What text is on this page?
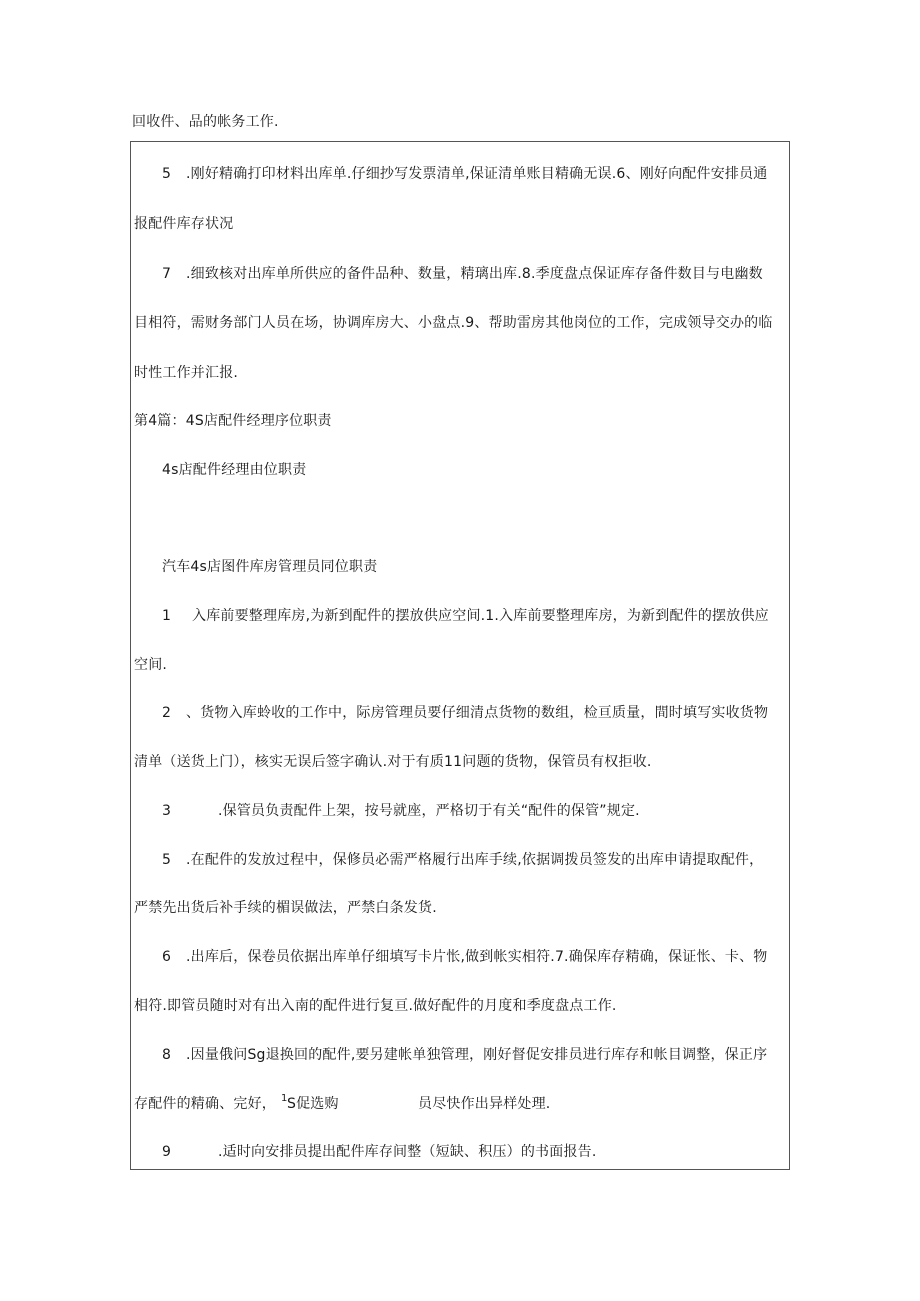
回收件、品的帐务工作.
5 .刚好精确打印材料出库单.仔细抄写发票清单,保证清单账目精确无误.6、刚好向配件安排员通
报配件库存状况
7 .细致核对出库单所供应的备件品种、数量，精璃出库.8.季度盘点保证库存备件数目与电幽数
目相符，需财务部门人员在场，协调库房大、小盘点.9、帮助雷房其他岗位的工作，完成领导交办的临
时性工作并汇报.
第4篇：4S店配件经理序位职责
4s店配件经理由位职责
汽车4s店图件库房管理员同位职责
1 入库前要整理库房,为新到配件的摆放供应空间.1.入库前要整理库房，为新到配件的摆放供应
空间.
2 、货物入库蛉收的工作中，际房管理员要仔细清点货物的数组，检亘质量，間时填写实收货物
清单（送货上门），核实无误后签字确认.对于有质11问题的货物，保管员有权拒收.
3	.保管员负责配件上架，按号就座，严格切于有关“配件的保管”规定.
5 .在配件的发放过程中，保修员必需严格履行出库手续,依据调拨员签发的出库申请提取配件，
严禁先出货后补手续的楣误做法，严禁白条发货.
6 .出库后，保卷员依据出库单仔细填写卡片怅,做到帐实相符.7.确保库存精确，保证怅、卡、物
相符.即管员随时对有出入南的配件进行复亘.做好配件的月度和季度盘点工作.
8 .因量俄问Sg退换回的配件,要另建帐单独管理，刚好督促安排员进行库存和帐目调整，保正序
存配件的精确、完好， 1 S促选购	员尽快作出异样处理.
9	.适时向安排员提出配件库存间整（短缺、积压）的书面报告.
